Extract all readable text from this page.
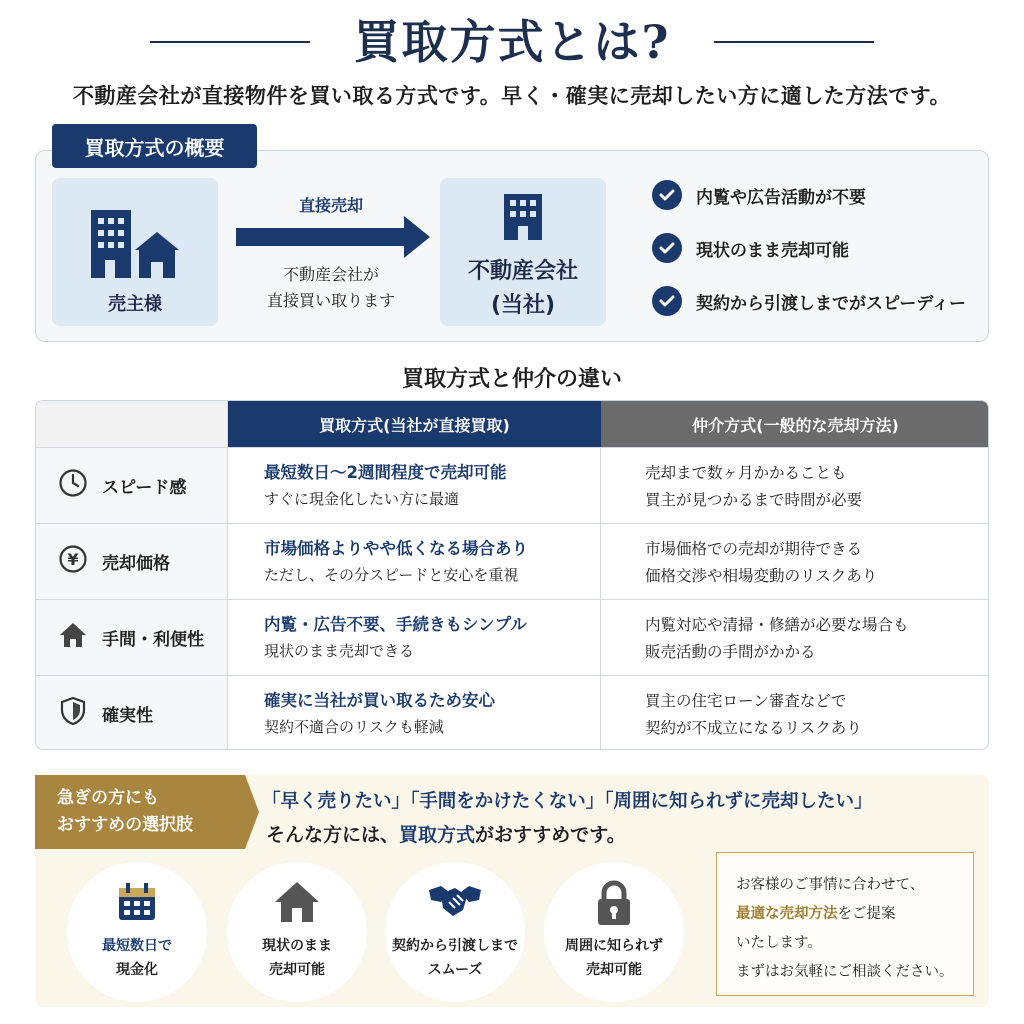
買取方式とは?
不動産会社が直接物件を買い取る方式です。早く・確実に売却したい方に適した方法です。
買取方式の概要
売主様
直接売却
不動産会社が
直接買い取ります
不動産会社
(当社)
内覧や広告活動が不要
現状のまま売却可能
契約から引渡しまでがスピーディー
買取方式と仲介の違い
買取方式(当社が直接買取)	仲介方式(一般的な売却方法)
スピード感
最短数日〜2週間程度で売却可能
すぐに現金化したい方に最適
売却まで数ヶ月かかることも
買主が見つかるまで時間が必要
¥ 売却価格
市場価格よりやや低くなる場合あり
ただし、その分スピードと安心を重視
市場価格での売却が期待できる
価格交渉や相場変動のリスクあり
手間・利便性
内覧・広告不要、手続きもシンプル
現状のまま売却できる
内覧対応や清掃・修繕が必要な場合も
販売活動の手間がかかる
確実性
確実に当社が買い取るため安心
契約不適合のリスクも軽減
買主の住宅ローン審査などで
契約が不成立になるリスクあり
急ぎの方にも
おすすめの選択肢
「早く売りたい」「手間をかけたくない」「周囲に知られずに売却したい」
そんな方には、買取方式がおすすめです。
最短数日で
現金化
現状のまま
売却可能
契約から引渡しまで
スムーズ
周囲に知られず
売却可能
お客様のご事情に合わせて、
最適な売却方法をご提案
いたします。
まずはお気軽にご相談ください。
